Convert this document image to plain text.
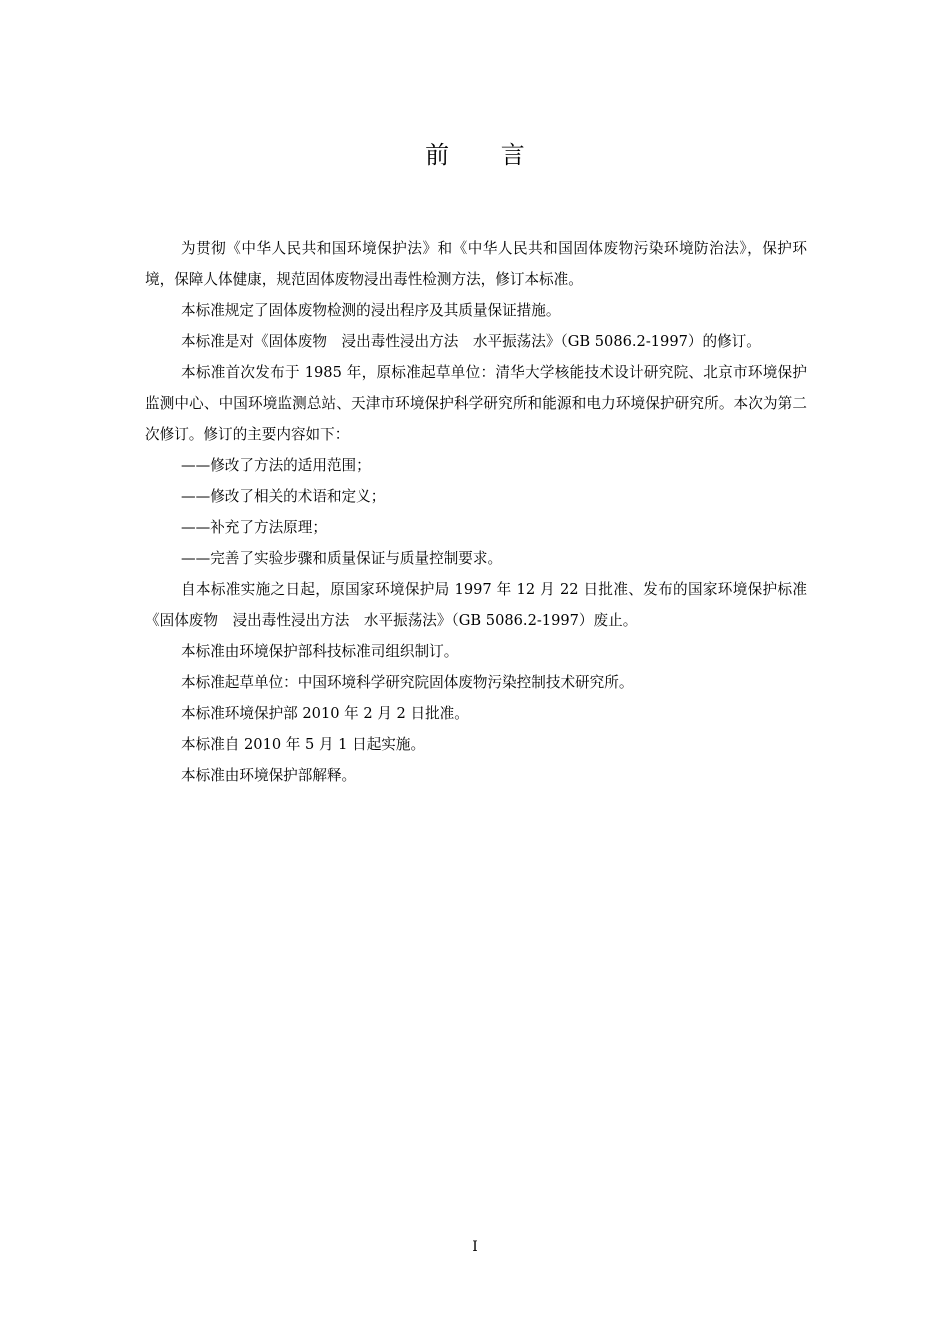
前 言

为贯彻《中华人民共和国环境保护法》和《中华人民共和国固体废物污染环境防治法》，保护环境，保障人体健康，规范固体废物浸出毒性检测方法，修订本标准。

本标准规定了固体废物检测的浸出程序及其质量保证措施。

本标准是对《固体废物　浸出毒性浸出方法　水平振荡法》（GB 5086.2-1997）的修订。

本标准首次发布于 1985 年，原标准起草单位：清华大学核能技术设计研究院、北京市环境保护监测中心、中国环境监测总站、天津市环境保护科学研究所和能源和电力环境保护研究所。本次为第二次修订。修订的主要内容如下：

——修改了方法的适用范围；

——修改了相关的术语和定义；

——补充了方法原理；

——完善了实验步骤和质量保证与质量控制要求。

自本标准实施之日起，原国家环境保护局 1997 年 12 月 22 日批准、发布的国家环境保护标准《固体废物　浸出毒性浸出方法　水平振荡法》（GB 5086.2-1997）废止。

本标准由环境保护部科技标准司组织制订。

本标准起草单位：中国环境科学研究院固体废物污染控制技术研究所。

本标准环境保护部 2010 年 2 月 2 日批准。

本标准自 2010 年 5 月 1 日起实施。

本标准由环境保护部解释。

I
